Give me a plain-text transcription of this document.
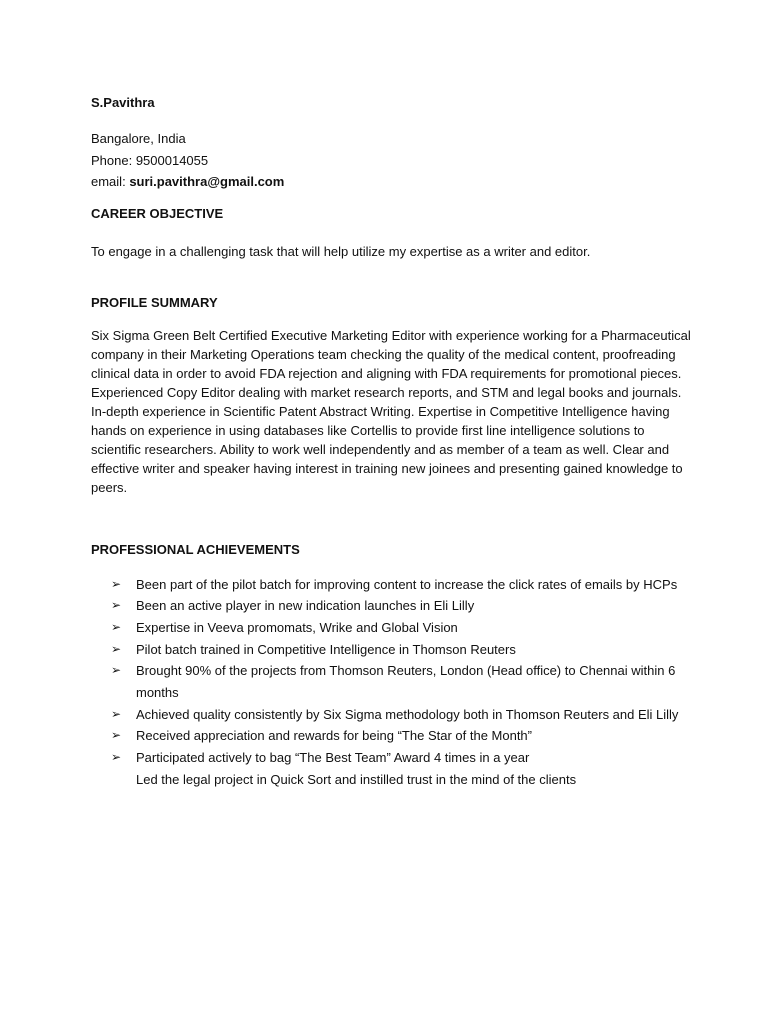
S.Pavithra

Bangalore, India

Phone: 9500014055

email: suri.pavithra@gmail.com

CAREER OBJECTIVE

To engage in a challenging task that will help utilize my expertise as a writer and editor.

PROFILE SUMMARY

Six Sigma Green Belt Certified Executive Marketing Editor with experience working for a Pharmaceutical company in their Marketing Operations team checking the quality of the medical content, proofreading clinical data in order to avoid FDA rejection and aligning with FDA requirements for promotional pieces. Experienced Copy Editor dealing with market research reports, and STM and legal books and journals. In-depth experience in Scientific Patent Abstract Writing. Expertise in Competitive Intelligence having hands on experience in using databases like Cortellis to provide first line intelligence solutions to scientific researchers. Ability to work well independently and as member of a team as well. Clear and effective writer and speaker having interest in training new joinees and presenting gained knowledge to peers.

PROFESSIONAL ACHIEVEMENTS

➢ Been part of the pilot batch for improving content to increase the click rates of emails by HCPs
➢ Been an active player in new indication launches in Eli Lilly
➢ Expertise in Veeva promomats, Wrike and Global Vision
➢ Pilot batch trained in Competitive Intelligence in Thomson Reuters
➢ Brought 90% of the projects from Thomson Reuters, London (Head office) to Chennai within 6 months
➢ Achieved quality consistently by Six Sigma methodology both in Thomson Reuters and Eli Lilly
➢ Received appreciation and rewards for being “The Star of the Month”
➢ Participated actively to bag “The Best Team” Award 4 times in a year
Led the legal project in Quick Sort and instilled trust in the mind of the clients
